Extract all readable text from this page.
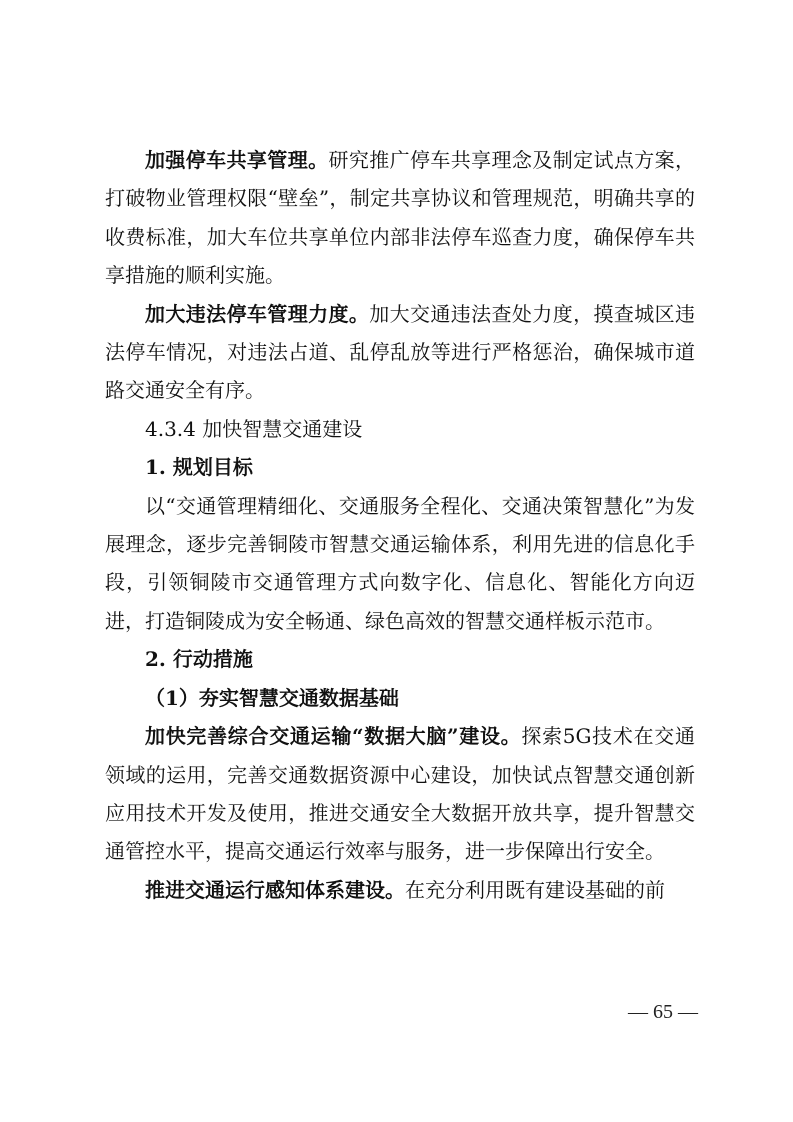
加强停车共享管理。研究推广停车共享理念及制定试点方案，打破物业管理权限“壁垒”，制定共享协议和管理规范，明确共享的收费标准，加大车位共享单位内部非法停车巡查力度，确保停车共享措施的顺利实施。

加大违法停车管理力度。加大交通违法查处力度，摸查城区违法停车情况，对违法占道、乱停乱放等进行严格惩治，确保城市道路交通安全有序。

4.3.4 加快智慧交通建设

1. 规划目标

以“交通管理精细化、交通服务全程化、交通决策智慧化”为发展理念，逐步完善铜陵市智慧交通运输体系，利用先进的信息化手段，引领铜陵市交通管理方式向数字化、信息化、智能化方向迈进，打造铜陵成为安全畅通、绿色高效的智慧交通样板示范市。

2. 行动措施

（1）夯实智慧交通数据基础

加快完善综合交通运输“数据大脑”建设。探索5G技术在交通领域的运用，完善交通数据资源中心建设，加快试点智慧交通创新应用技术开发及使用，推进交通安全大数据开放共享，提升智慧交通管控水平，提高交通运行效率与服务，进一步保障出行安全。

推进交通运行感知体系建设。在充分利用既有建设基础的前

— 65 —
